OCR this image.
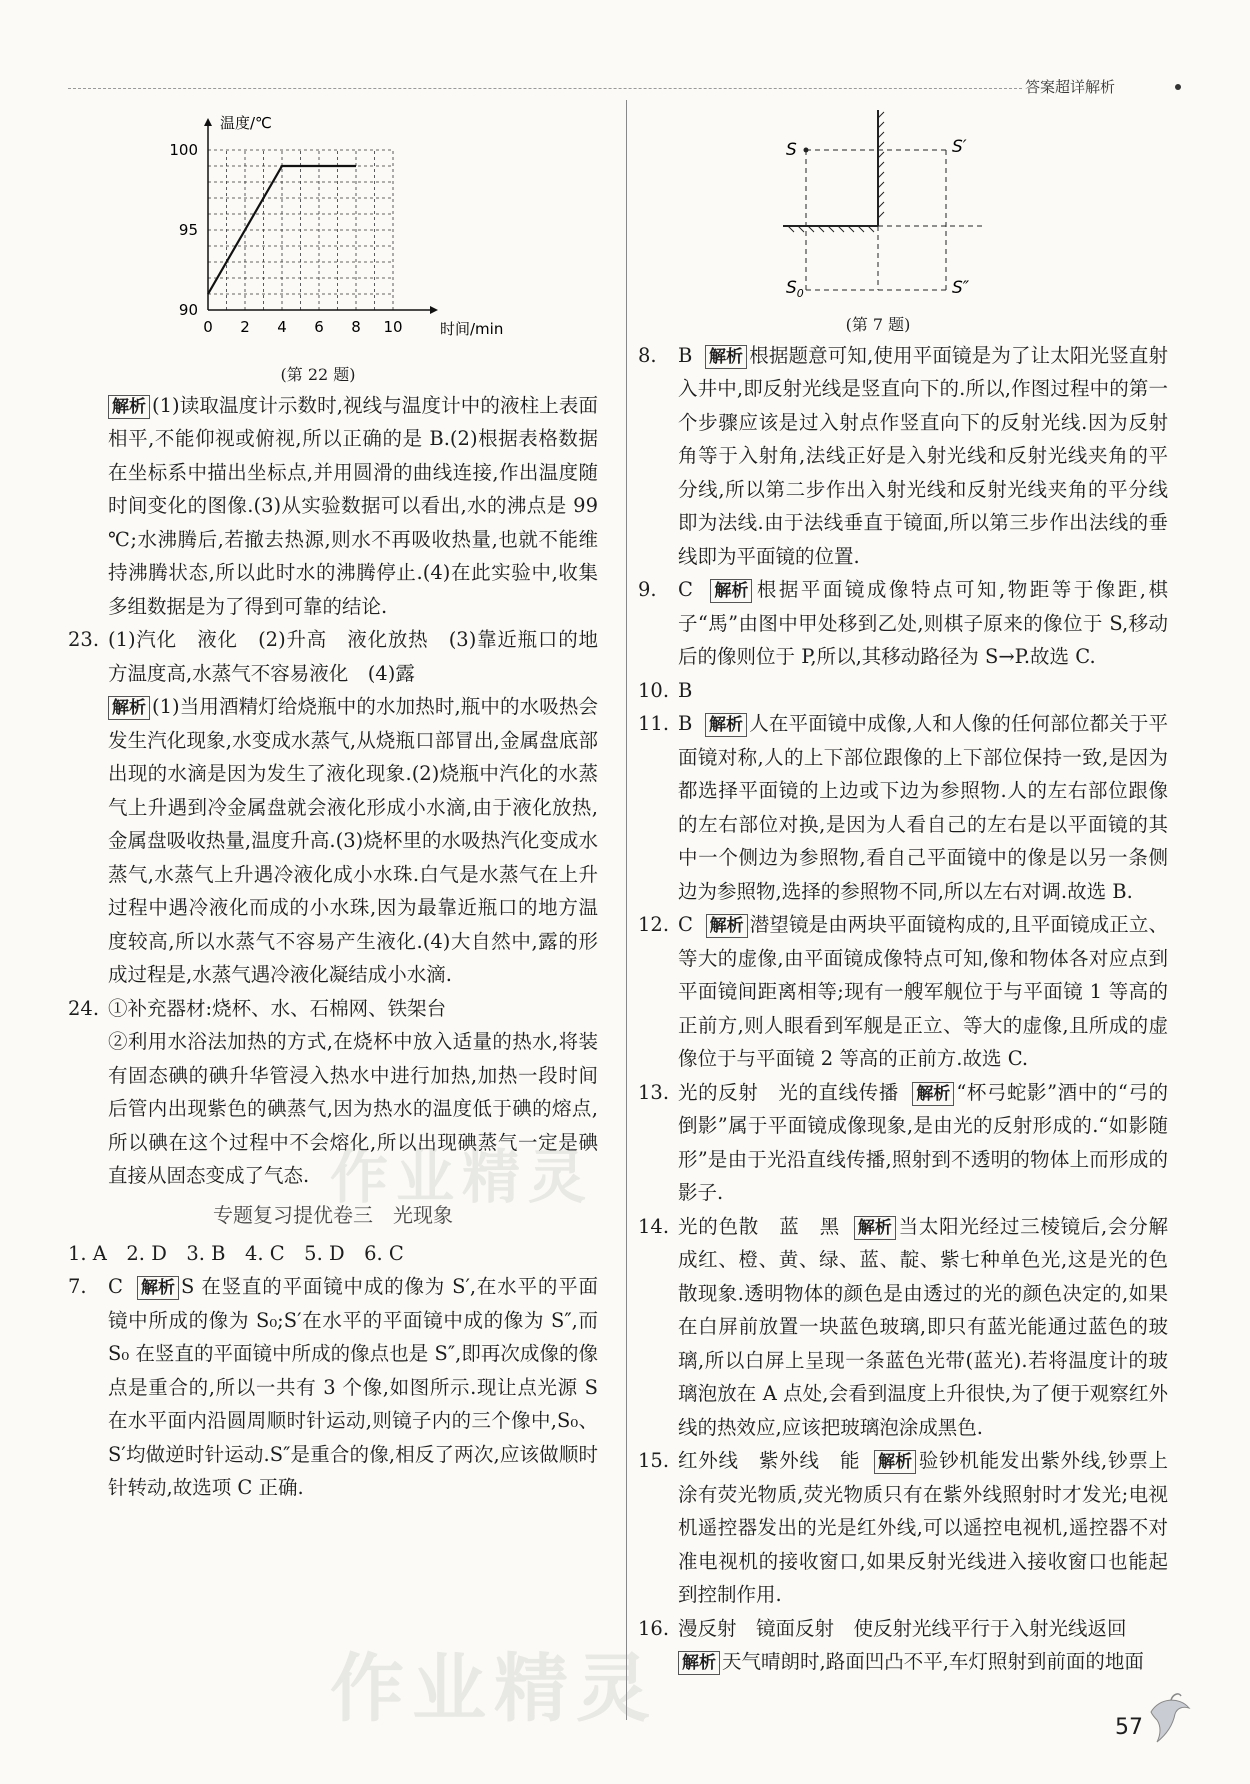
答案超详解析
0 2 4 6 8 10
90
95
100
时间/min
温度/℃
(第 22 题)

解析 (1)读取温度计示数时,视线与温度计中的液柱上表面相平,不能仰视或俯视,所以正确的是 B.(2)根据表格数据在坐标系中描出坐标点,并用圆滑的曲线连接,作出温度随时间变化的图像.(3)从实验数据可以看出,水的沸点是 99 ℃;水沸腾后,若撤去热源,则水不再吸收热量,也就不能维持沸腾状态,所以此时水的沸腾停止.(4)在此实验中,收集多组数据是为了得到可靠的结论.

23. (1)汽化　液化　(2)升高　液化放热　(3)靠近瓶口的地方温度高,水蒸气不容易液化　(4)露
解析 (1)当用酒精灯给烧瓶中的水加热时,瓶中的水吸热会发生汽化现象,水变成水蒸气,从烧瓶口部冒出,金属盘底部出现的水滴是因为发生了液化现象.(2)烧瓶中汽化的水蒸气上升遇到冷金属盘就会液化形成小水滴,由于液化放热,金属盘吸收热量,温度升高.(3)烧杯里的水吸热汽化变成水蒸气,水蒸气上升遇冷液化成小水珠.白气是水蒸气在上升过程中遇冷液化而成的小水珠,因为最靠近瓶口的地方温度较高,所以水蒸气不容易产生液化.(4)大自然中,露的形成过程是,水蒸气遇冷液化凝结成小水滴.
24. ①补充器材:烧杯、水、石棉网、铁架台
②利用水浴法加热的方式,在烧杯中放入适量的热水,将装有固态碘的碘升华管浸入热水中进行加热,加热一段时间后管内出现紫色的碘蒸气,因为热水的温度低于碘的熔点,所以碘在这个过程中不会熔化,所以出现碘蒸气一定是碘直接从固态变成了气态.
专题复习提优卷三　光现象
1. A　2. D　3. B　4. C　5. D　6. C
7.	C 解析 S 在竖直的平面镜中成的像为 S′,在水平的平面镜中所成的像为 S₀;S′在水平的平面镜中成的像为 S″,而 S₀ 在竖直的平面镜中所成的像点也是 S″,即再次成像的像点是重合的,所以一共有 3 个像,如图所示.现让点光源 S 在水平面内沿圆周顺时针运动,则镜子内的三个像中,S₀、S′均做逆时针运动.S″是重合的像,相反了两次,应该做顺时针转动,故选项 C 正确.
S	S′
$S_0$	S″
(第 7 题)
8.	B 解析 根据题意可知,使用平面镜是为了让太阳光竖直射入井中,即反射光线是竖直向下的.所以,作图过程中的第一个步骤应该是过入射点作竖直向下的反射光线.因为反射角等于入射角,法线正好是入射光线和反射光线夹角的平分线,所以第二步作出入射光线和反射光线夹角的平分线即为法线.由于法线垂直于镜面,所以第三步作出法线的垂线即为平面镜的位置.
9.	C 解析 根据平面镜成像特点可知,物距等于像距,棋子“馬”由图中甲处移到乙处,则棋子原来的像位于 S,移动后的像则位于 P,所以,其移动路径为 S→P.故选 C.
10. B
11. B 解析 人在平面镜中成像,人和人像的任何部位都关于平面镜对称,人的上下部位跟像的上下部位保持一致,是因为都选择平面镜的上边或下边为参照物.人的左右部位跟像的左右部位对换,是因为人看自己的左右是以平面镜的其中一个侧边为参照物,看自己平面镜中的像是以另一条侧边为参照物,选择的参照物不同,所以左右对调.故选 B.
12. C 解析 潜望镜是由两块平面镜构成的,且平面镜成正立、等大的虚像,由平面镜成像特点可知,像和物体各对应点到平面镜间距离相等;现有一艘军舰位于与平面镜 1 等高的正前方,则人眼看到军舰是正立、等大的虚像,且所成的虚像位于与平面镜 2 等高的正前方.故选 C.
13. 光的反射　光的直线传播 解析 “杯弓蛇影”酒中的“弓的倒影”属于平面镜成像现象,是由光的反射形成的.“如影随形”是由于光沿直线传播,照射到不透明的物体上而形成的影子.
14. 光的色散　蓝　黑 解析 当太阳光经过三棱镜后,会分解成红、橙、黄、绿、蓝、靛、紫七种单色光,这是光的色散现象.透明物体的颜色是由透过的光的颜色决定的,如果在白屏前放置一块蓝色玻璃,即只有蓝光能通过蓝色的玻璃,所以白屏上呈现一条蓝色光带(蓝光).若将温度计的玻璃泡放在 A 点处,会看到温度上升很快,为了便于观察红外线的热效应,应该把玻璃泡涂成黑色.
15. 红外线　紫外线　能 解析 验钞机能发出紫外线,钞票上涂有荧光物质,荧光物质只有在紫外线照射时才发光;电视机遥控器发出的光是红外线,可以遥控电视机,遥控器不对准电视机的接收窗口,如果反射光线进入接收窗口也能起到控制作用.
16. 漫反射　镜面反射　使反射光线平行于入射光线返回
解析 天气晴朗时,路面凹凸不平,车灯照射到前面的地面
作业精灵
作业精灵	57
